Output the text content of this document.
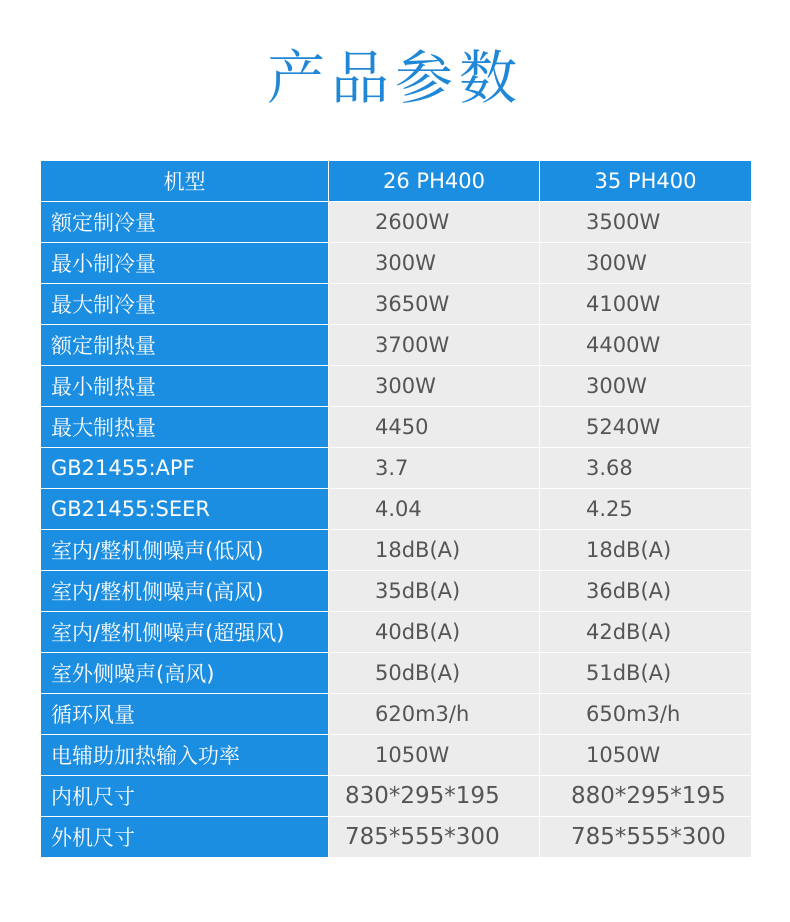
产品参数
机型	26 PH400	35 PH400
额定制冷量	2600W	3500W
最小制冷量	300W	300W
最大制冷量	3650W	4100W
额定制热量	3700W	4400W
最小制热量	300W	300W
最大制热量	4450	5240W
GB21455:APF	3.7	3.68
GB21455:SEER	4.04	4.25
室内/整机侧噪声(低风)	18dB(A)	18dB(A)
室内/整机侧噪声(高风)	35dB(A)	36dB(A)
室内/整机侧噪声(超强风)	40dB(A)	42dB(A)
室外侧噪声(高风)	50dB(A)	51dB(A)
循环风量	620m3/h	650m3/h
电辅助加热输入功率	1050W	1050W
内机尺寸	830*295*195	880*295*195
外机尺寸	785*555*300	785*555*300
